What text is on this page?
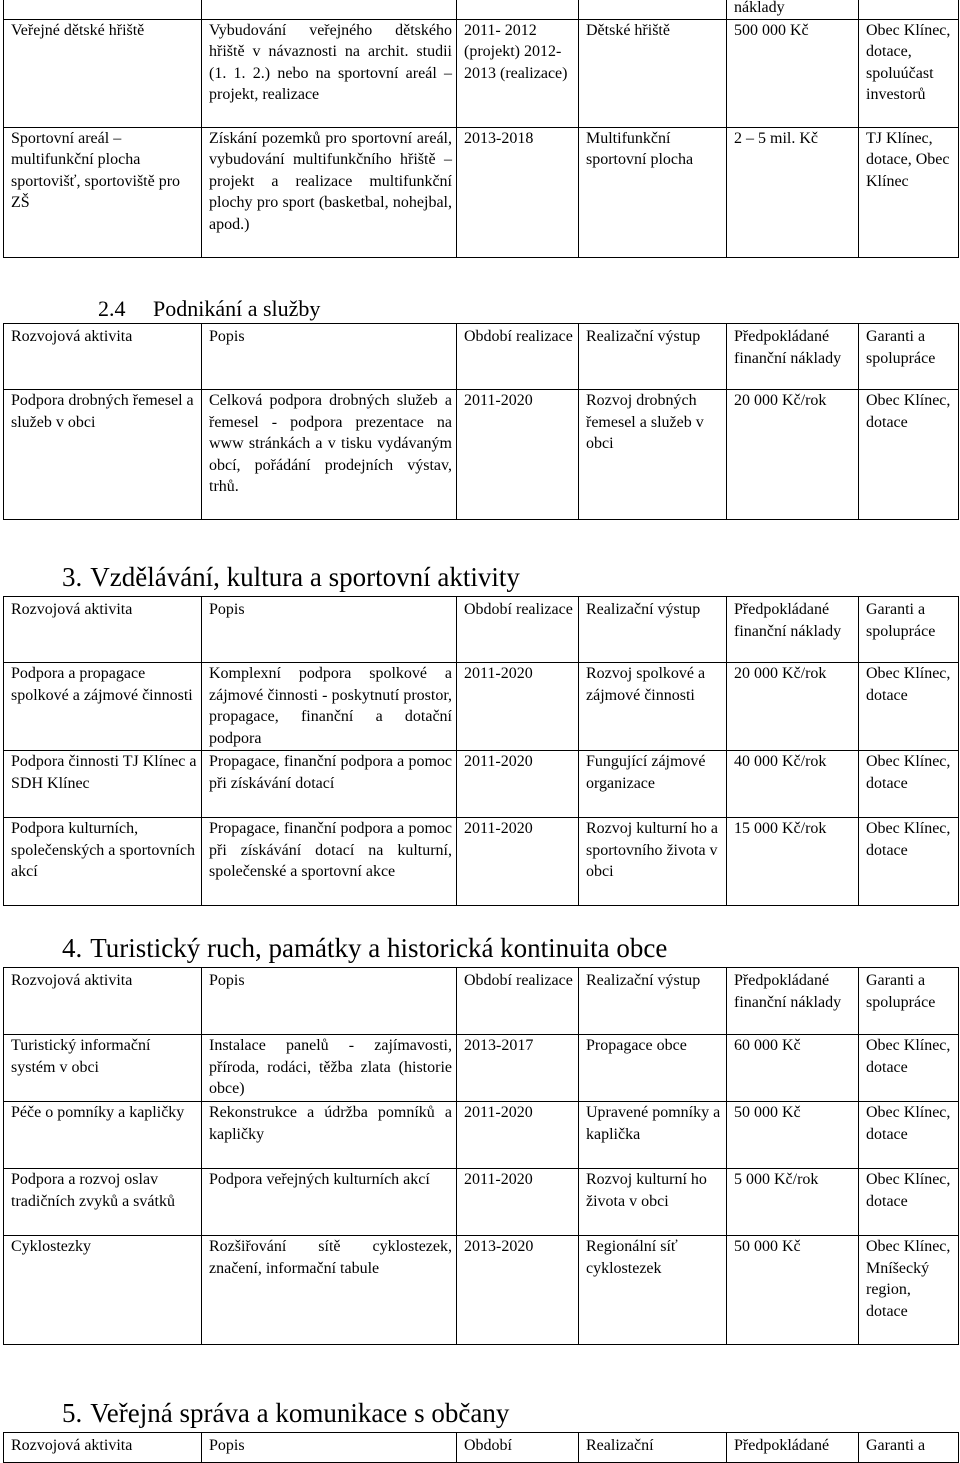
				náklady	
Veřejné dětské hřiště	Vybudování veřejného dětského hřiště v návaznosti na archit. studii (1. 1. 2.) nebo na sportovní areál – projekt, realizace	2011- 2012 (projekt) 2012-2013 (realizace)	Dětské hřiště	500 000 Kč	Obec Klínec, dotace, spoluúčast investorů
Sportovní areál – multifunkční plocha sportovišť, sportoviště pro ZŠ	Získání pozemků pro sportovní areál, vybudování multifunkčního hřiště – projekt a realizace multifunkční plochy pro sport (basketbal, nohejbal, apod.)	2013-2018	Multifunkční sportovní plocha	2 – 5 mil. Kč	TJ Klínec, dotace, Obec Klínec
2.4 Podnikání a služby
Rozvojová aktivita	Popis	Období realizace	Realizační výstup	Předpokládané finanční náklady	Garanti a spolupráce
Podpora drobných řemesel a služeb v obci	Celková podpora drobných služeb a řemesel - podpora prezentace na www stránkách a v tisku vydávaným obcí, pořádání prodejních výstav, trhů.	2011-2020	Rozvoj drobných řemesel a služeb v obci	20 000 Kč/rok	Obec Klínec, dotace
3. Vzdělávání, kultura a sportovní aktivity
Rozvojová aktivita	Popis	Období realizace	Realizační výstup	Předpokládané finanční náklady	Garanti a spolupráce
Podpora a propagace spolkové a zájmové činnosti	Komplexní podpora spolkové a zájmové činnosti - poskytnutí prostor, propagace, finanční a dotační podpora	2011-2020	Rozvoj spolkové a zájmové činnosti	20 000 Kč/rok	Obec Klínec, dotace
Podpora činnosti TJ Klínec a SDH Klínec	Propagace, finanční podpora a pomoc při získávání dotací	2011-2020	Fungující zájmové organizace	40 000 Kč/rok	Obec Klínec, dotace
Podpora kulturních, společenských a sportovních akcí	Propagace, finanční podpora a pomoc při získávání dotací na kulturní, společenské a sportovní akce	2011-2020	Rozvoj kulturní ho a sportovního života v obci	15 000 Kč/rok	Obec Klínec, dotace
4. Turistický ruch, památky a historická kontinuita obce
Rozvojová aktivita	Popis	Období realizace	Realizační výstup	Předpokládané finanční náklady	Garanti a spolupráce
Turistický informační systém v obci	Instalace panelů - zajímavosti, příroda, rodáci, těžba zlata (historie obce)	2013-2017	Propagace obce	60 000 Kč	Obec Klínec, dotace
Péče o pomníky a kapličky	Rekonstrukce a údržba pomníků a kapličky	2011-2020	Upravené pomníky a kaplička	50 000 Kč	Obec Klínec, dotace
Podpora a rozvoj oslav tradičních zvyků a svátků	Podpora veřejných kulturních akcí	2011-2020	Rozvoj kulturní ho života v obci	5 000 Kč/rok	Obec Klínec, dotace
Cyklostezky	Rozšiřování sítě cyklostezek, značení, informační tabule	2013-2020	Regionální síť cyklostezek	50 000 Kč	Obec Klínec, Mníšecký region, dotace
5. Veřejná správa a komunikace s občany
Rozvojová aktivita	Popis	Období	Realizační	Předpokládané	Garanti a
